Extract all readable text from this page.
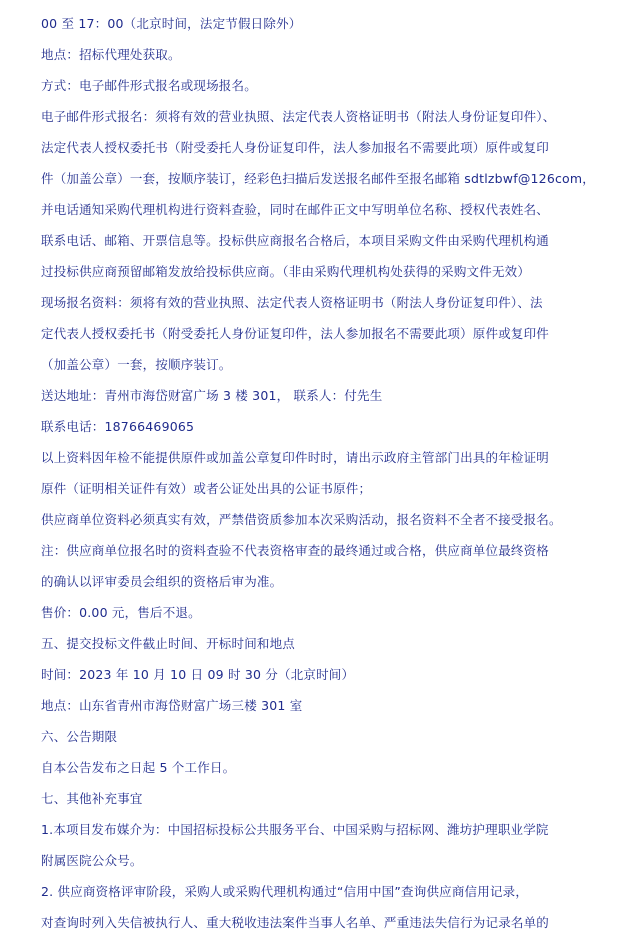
00 至 17：00（北京时间，法定节假日除外）
地点：招标代理处获取。
方式：电子邮件形式报名或现场报名。
电子邮件形式报名：须将有效的营业执照、法定代表人资格证明书（附法人身份证复印件）、
法定代表人授权委托书（附受委托人身份证复印件，法人参加报名不需要此项）原件或复印
件（加盖公章）一套，按顺序装订，经彩色扫描后发送报名邮件至报名邮箱 sdtlzbwf@126com，
并电话通知采购代理机构进行资料查验，同时在邮件正文中写明单位名称、授权代表姓名、
联系电话、邮箱、开票信息等。投标供应商报名合格后，本项目采购文件由采购代理机构通
过投标供应商预留邮箱发放给投标供应商。（非由采购代理机构处获得的采购文件无效）
现场报名资料：须将有效的营业执照、法定代表人资格证明书（附法人身份证复印件）、法
定代表人授权委托书（附受委托人身份证复印件，法人参加报名不需要此项）原件或复印件
（加盖公章）一套，按顺序装订。
送达地址：青州市海岱财富广场 3 楼 301， 联系人：付先生
联系电话：18766469065
以上资料因年检不能提供原件或加盖公章复印件时时，请出示政府主管部门出具的年检证明
原件（证明相关证件有效）或者公证处出具的公证书原件；
供应商单位资料必须真实有效，严禁借资质参加本次采购活动，报名资料不全者不接受报名。
注：供应商单位报名时的资料查验不代表资格审查的最终通过或合格，供应商单位最终资格
的确认以评审委员会组织的资格后审为准。
售价：0.00 元，售后不退。
五、提交投标文件截止时间、开标时间和地点
时间：2023 年 10 月 10 日 09 时 30 分（北京时间）
地点：山东省青州市海岱财富广场三楼 301 室
六、公告期限
自本公告发布之日起 5 个工作日。
七、其他补充事宜
1.本项目发布媒介为：中国招标投标公共服务平台、中国采购与招标网、潍坊护理职业学院
附属医院公众号。
2. 供应商资格评审阶段，采购人或采购代理机构通过“信用中国”查询供应商信用记录，
对查询时列入失信被执行人、重大税收违法案件当事人名单、严重违法失信行为记录名单的
